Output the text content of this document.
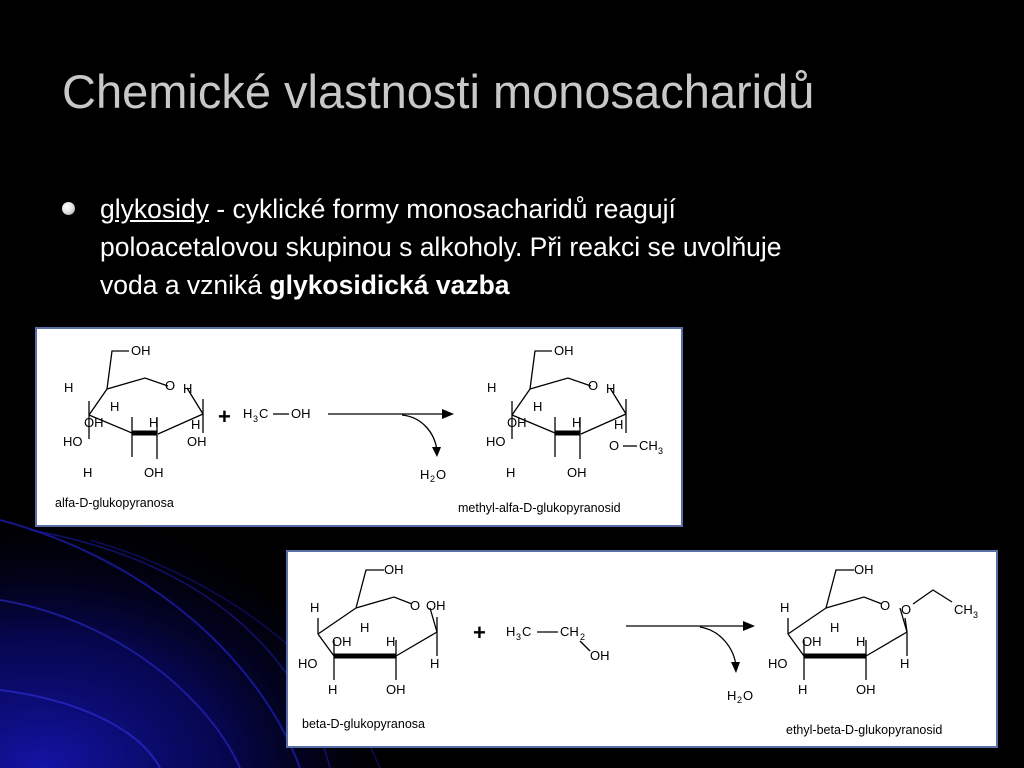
Chemické vlastnosti monosacharidů
glykosidy - cyklické formy monosacharidů reagují
poloacetalovou skupinou s alkoholy. Při reakci se uvolňuje
voda a vzniká glykosidická vazba
OH
O H
H
H
OH	H
HO	OH
H	OH
H
alfa-D-glukopyranosa
+ H 3 C OH
H 2 O
OH
O H
H
H
OH	H
HO
H
O CH 3
H	OH
methyl-alfa-D-glukopyranosid
OH
O OH
H
H
OH	H
HO	H
H	OH
beta-D-glukopyranosa
+ H 3 C CH 2
OH
H 2 O
OH
O O	CH 3
H
H
OH	H
HO	H
H	OH
ethyl-beta-D-glukopyranosid
